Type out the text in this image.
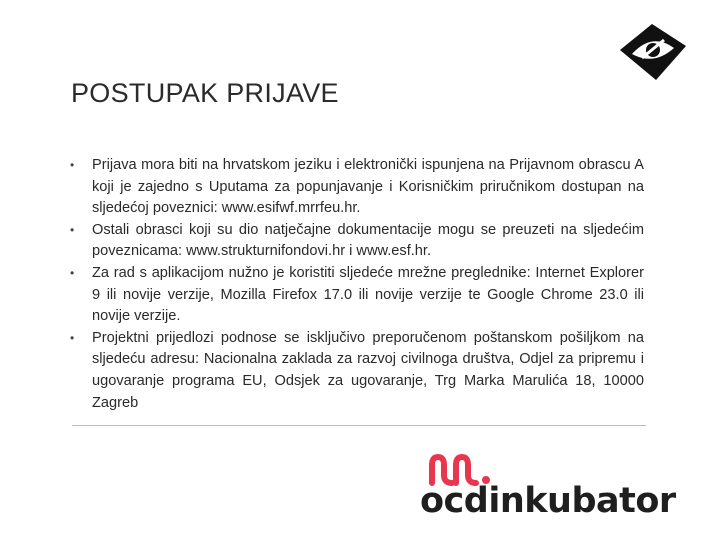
POSTUPAK PRIJAVE
• Prijava mora biti na hrvatskom jeziku i elektronički ispunjena na Prijavnom obrascu A koji je zajedno s Uputama za popunjavanje i Korisničkim priručnikom dostupan na sljedećoj poveznici: www.esifwf.mrrfeu.hr.
• Ostali obrasci koji su dio natječajne dokumentacije mogu se preuzeti na sljedećim poveznicama: www.strukturnifondovi.hr i www.esf.hr.
• Za rad s aplikacijom nužno je koristiti sljedeće mrežne preglednike: Internet Explorer 9 ili novije verzije, Mozilla Firefox 17.0 ili novije verzije te Google Chrome 23.0 ili novije verzije.
• Projektni prijedlozi podnose se isključivo preporučenom poštanskom pošiljkom na sljedeću adresu: Nacionalna zaklada za razvoj civilnoga društva, Odjel za pripremu i ugovaranje programa EU, Odsjek za ugovaranje, Trg Marka Marulića 18, 10000 Zagreb
ocdinkubator
